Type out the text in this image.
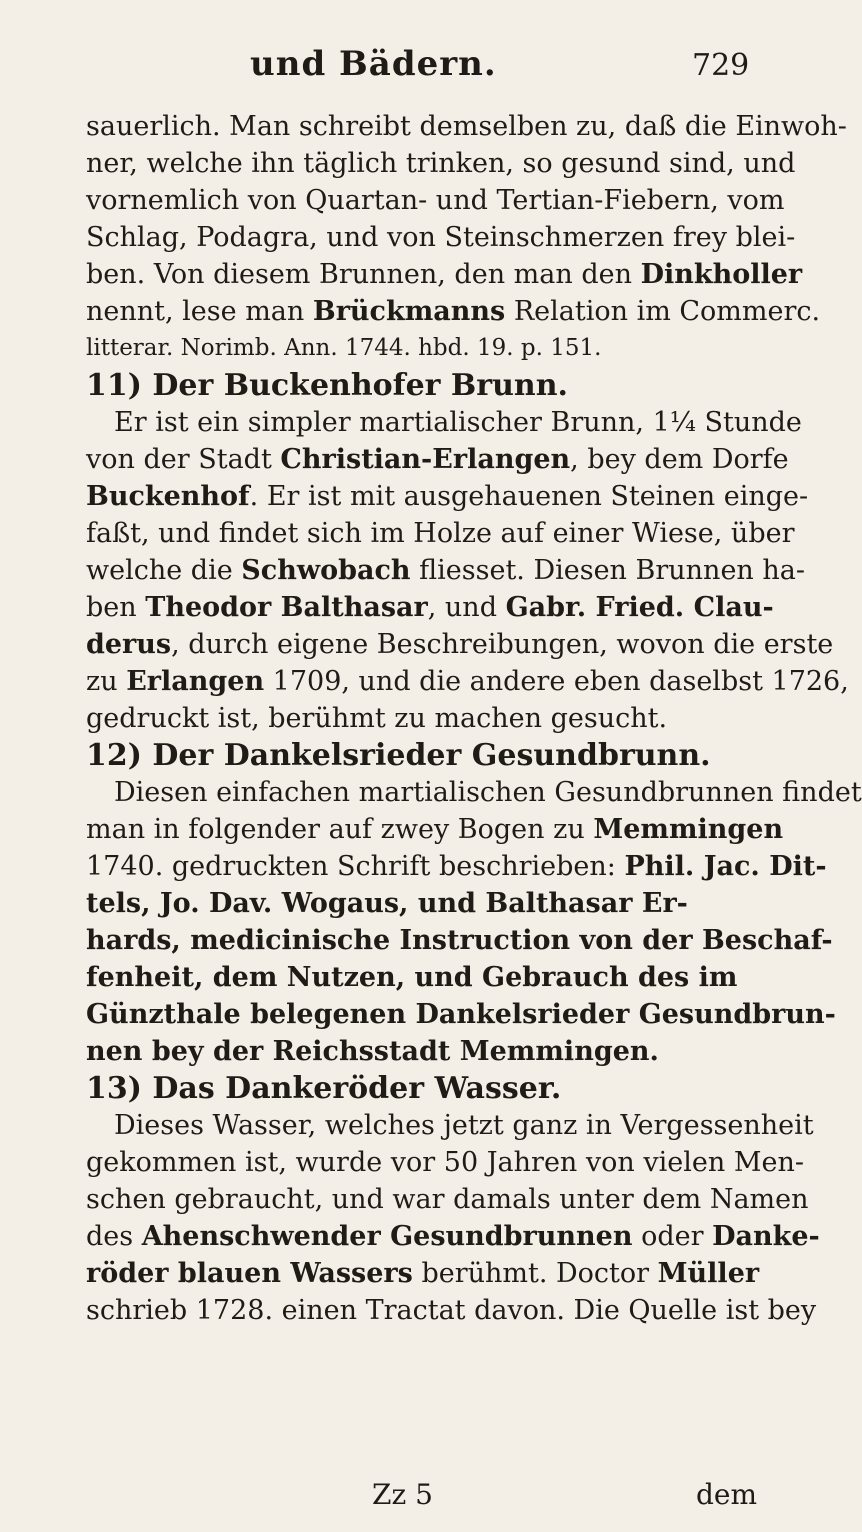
und Bädern.	729
sauerlich. Man schreibt demselben zu, daß die Einwoh-
ner, welche ihn täglich trinken, so gesund sind, und
vornemlich von Quartan- und Tertian-Fiebern, vom
Schlag, Podagra, und von Steinschmerzen frey blei-
ben. Von diesem Brunnen, den man den Dinkholler
nennt, lese man Brückmanns Relation im Commerc.
litterar. Norimb. Ann. 1744. hbd. 19. p. 151.
11) Der Buckenhofer Brunn.
Er ist ein simpler martialischer Brunn, 1¼ Stunde
von der Stadt Christian-Erlangen, bey dem Dorfe
Buckenhof. Er ist mit ausgehauenen Steinen einge-
faßt, und findet sich im Holze auf einer Wiese, über
welche die Schwobach fliesset. Diesen Brunnen ha-
ben Theodor Balthasar, und Gabr. Fried. Clau-
derus, durch eigene Beschreibungen, wovon die erste
zu Erlangen 1709, und die andere eben daselbst 1726,
gedruckt ist, berühmt zu machen gesucht.
12) Der Dankelsrieder Gesundbrunn.
Diesen einfachen martialischen Gesundbrunnen findet
man in folgender auf zwey Bogen zu Memmingen
1740. gedruckten Schrift beschrieben: Phil. Jac. Dit-
tels, Jo. Dav. Wogaus, und Balthasar Er-
hards, medicinische Instruction von der Beschaf-
fenheit, dem Nutzen, und Gebrauch des im
Günzthale belegenen Dankelsrieder Gesundbrun-
nen bey der Reichsstadt Memmingen.
13) Das Dankeröder Wasser.
Dieses Wasser, welches jetzt ganz in Vergessenheit
gekommen ist, wurde vor 50 Jahren von vielen Men-
schen gebraucht, und war damals unter dem Namen
des Ahenschwender Gesundbrunnen oder Danke-
röder blauen Wassers berühmt. Doctor Müller
schrieb 1728. einen Tractat davon. Die Quelle ist bey
Zz 5	dem
